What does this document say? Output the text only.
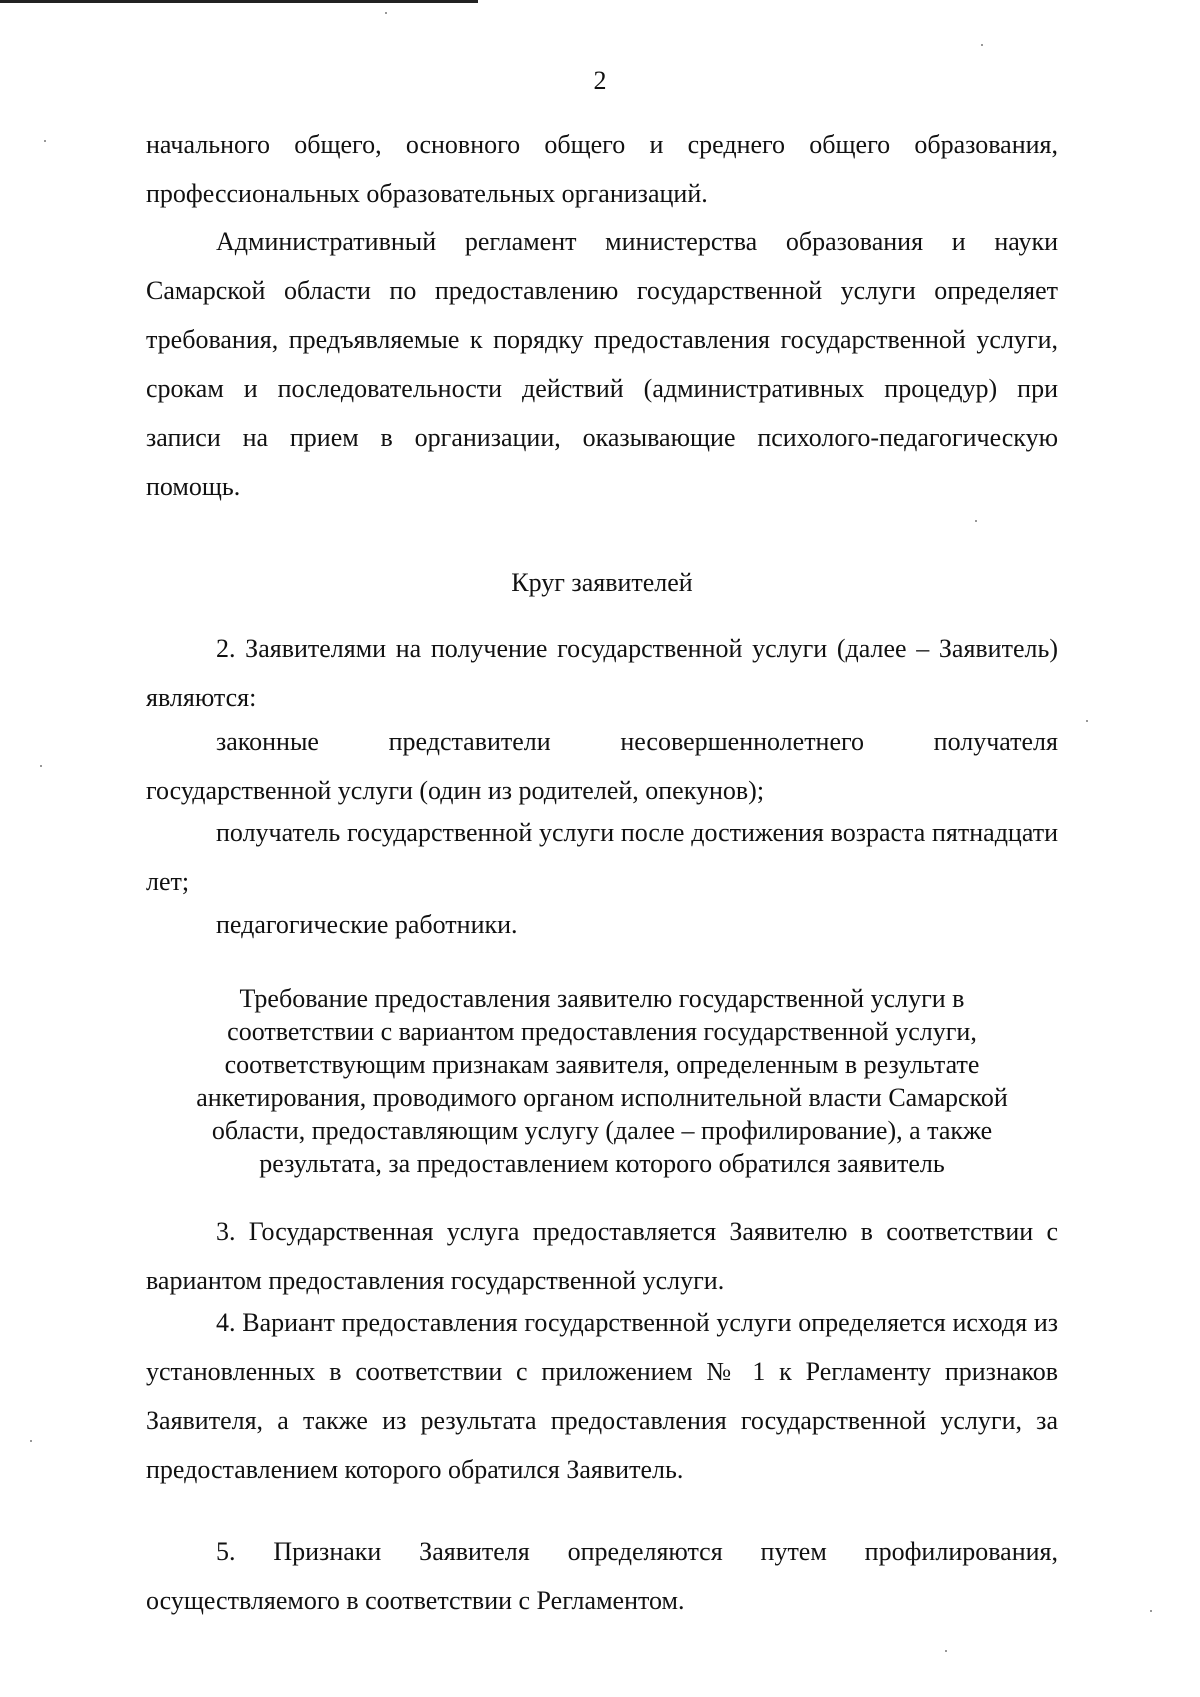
2

начального общего, основного общего и среднего общего образования, профессиональных образовательных организаций.

Административный регламент министерства образования и науки Самарской области по предоставлению государственной услуги определяет требования, предъявляемые к порядку предоставления государственной услуги, срокам и последовательности действий (административных процедур) при записи на прием в организации, оказывающие психолого-педагогическую помощь.

Круг заявителей

2. Заявителями на получение государственной услуги (далее – Заявитель) являются:

законные представители несовершеннолетнего получателя государственной услуги (один из родителей, опекунов);

получатель государственной услуги после достижения возраста пятнадцати лет;

педагогические работники.

Требование предоставления заявителю государственной услуги в
соответствии с вариантом предоставления государственной услуги,
соответствующим признакам заявителя, определенным в результате
анкетирования, проводимого органом исполнительной власти Самарской
области, предоставляющим услугу (далее – профилирование), а также
результата, за предоставлением которого обратился заявитель

3. Государственная услуга предоставляется Заявителю в соответствии с вариантом предоставления государственной услуги.

4. Вариант предоставления государственной услуги определяется исходя из установленных в соответствии с приложением № 1 к Регламенту признаков Заявителя, а также из результата предоставления государственной услуги, за предоставлением которого обратился Заявитель.

5. Признаки Заявителя определяются путем профилирования, осуществляемого в соответствии с Регламентом.
